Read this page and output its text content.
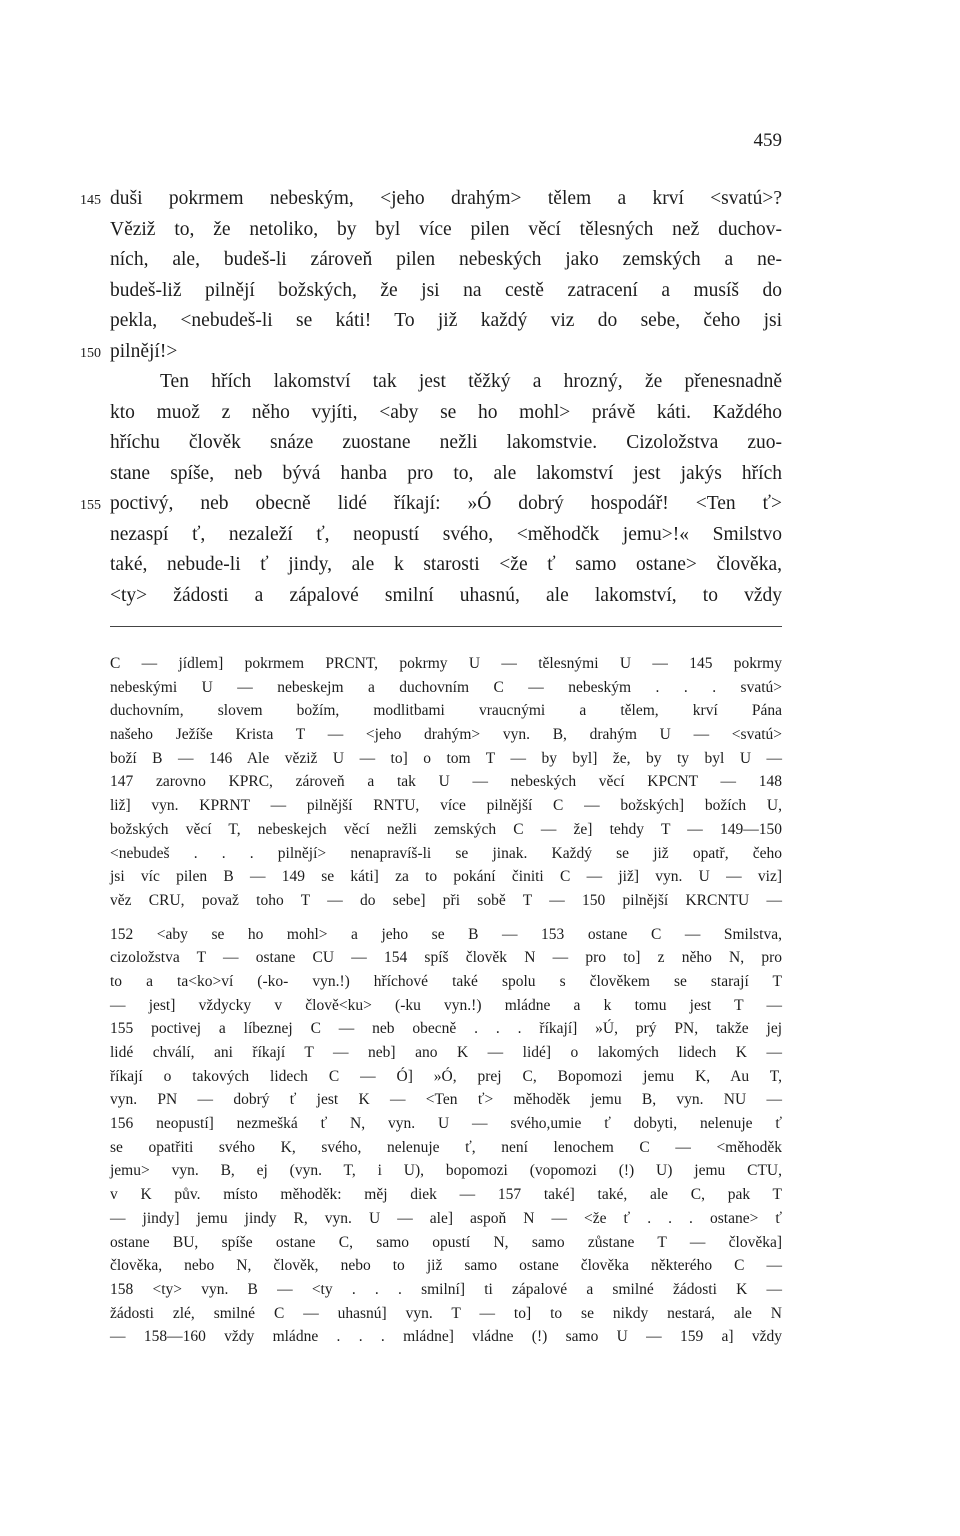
459
145 duši pokrmem nebeským, <jeho drahým> tělem a krví <svatú>?
Věziž to, že netoliko, by byl více pilen věcí tělesných než duchov-
ních, ale, budeš-li zároveň pilen nebeských jako zemských a ne-
budeš-liž pilnějí božských, že jsi na cestě zatracení a musíš do
pekla, <nebudeš-li se káti! To již každý viz do sebe, čeho jsi
150 pilnějí!>
Ten hřích lakomství tak jest těžký a hrozný, že přenesnadně
kto muož z něho vyjíti, <aby se ho mohl> právě káti. Každého
hříchu člověk snáze zuostane nežli lakomstvie. Cizoložstva zuo-
stane spíše, neb bývá hanba pro to, ale lakomství jest jakýs hřích
155 poctivý, neb obecně lidé říkají: »Ó dobrý hospodář! <Ten ť>
nezaspí ť, nezaleží ť, neopustí svého, <měhodčk jemu>!« Smilstvo
také, nebude-li ť jindy, ale k starosti <že ť samo ostane> člověka,
<ty> žádosti a zápalové smilní uhasnú, ale lakomství, to vždy
C — jídlem] pokrmem PRCNT, pokrmy U — tělesnými U — 145 pokrmy
nebeskými U — nebeskejm a duchovním C — nebeským . . . svatú>
duchovním, slovem božím, modlitbami vraucnými a tělem, krví Pána
našeho Ježíše Krista T — <jeho drahým> vyn. B, drahým U — <svatú>
boží B — 146 Ale věziž U — to] o tom T — by byl] že, by ty byl U —
147 zarovno KPRC, zároveň a tak U — nebeských věcí KPCNT — 148
liž] vyn. KPRNT — pilnější RNTU, více pilnější C — božských] božích U,
božských věcí T, nebeskejch věcí nežli zemských C — že] tehdy T — 149—150
<nebudeš . . . pilnějí> nenapravíš-li se jinak. Každý se již opatř, čeho
jsi víc pilen B — 149 se káti] za to pokání činiti C — již] vyn. U — viz]
věz CRU, považ toho T — do sebe] při sobě T — 150 pilnější KRCNTU —
152 <aby se ho mohl> a jeho se B — 153 ostane C — Smilstva,
cizoložstva T — ostane CU — 154 spíš člověk N — pro to] z něho N, pro
to a ta<ko>ví (-ko- vyn.!) hříchové také spolu s člověkem se starají T
— jest] vždycky v člově<ku> (-ku vyn.!) mládne a k tomu jest T —
155 poctivej a líbeznej C — neb obecně . . . říkají] »Ú, prý PN, takže jej
lidé chválí, ani říkají T — neb] ano K — lidé] o lakomých lidech K —
říkají o takových lidech C — Ó] »Ó, prej C, Bopomozi jemu K, Au T,
vyn. PN — dobrý ť jest K — <Ten ť> měhoděk jemu B, vyn. NU —
156 neopustí] nezmešká ť N, vyn. U — svého,umie ť dobyti, nelenuje ť
se opatřiti svého K, svého, nelenuje ť, není lenochem C — <měhoděk
jemu> vyn. B, ej (vyn. T, i U), bopomozi (vopomozi (!) U) jemu CTU,
v K pův. místo měhoděk: měj diek — 157 také] také, ale C, pak T
— jindy] jemu jindy R, vyn. U — ale] aspoň N — <že ť . . . ostane> ť
ostane BU, spíše ostane C, samo opustí N, samo zůstane T — člověka]
člověka, nebo N, člověk, nebo to již samo ostane člověka některého C —
158 <ty> vyn. B — <ty . . . smilní] ti zápalové a smilné žádosti K —
žádosti zlé, smilné C — uhasnú] vyn. T — to] to se nikdy nestará, ale N
— 158—160 vždy mládne . . . mládne] vládne (!) samo U — 159 a] vždy
